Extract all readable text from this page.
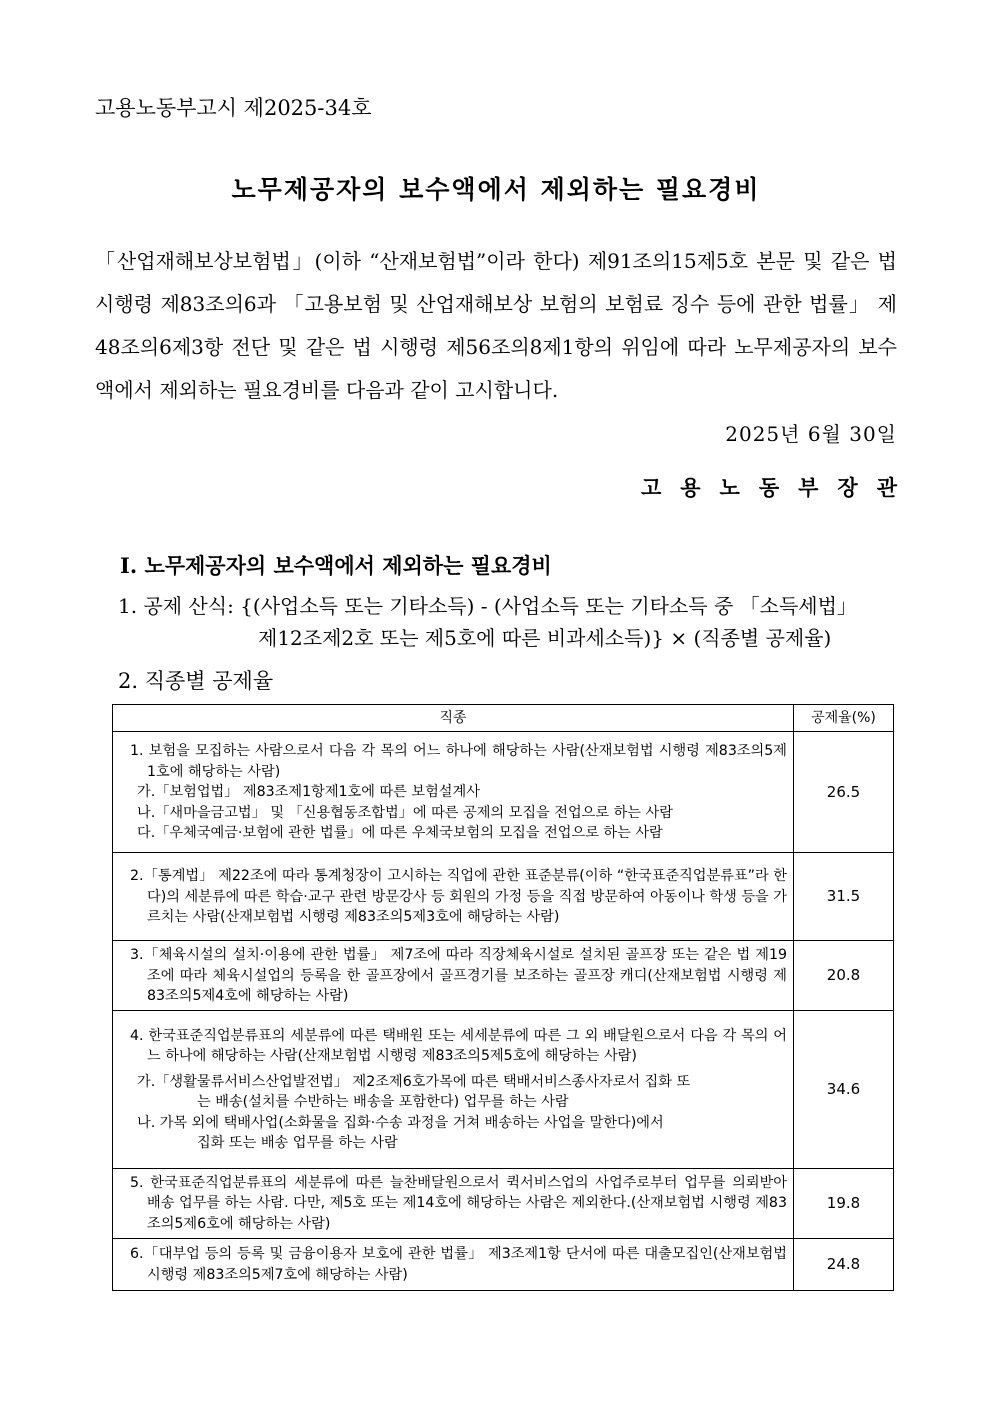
고용노동부고시 제2025-34호
노무제공자의 보수액에서 제외하는 필요경비
「산업재해보상보험법」(이하 “산재보험법”이라 한다) 제91조의15제5호 본문 및 같은 법 시행령 제83조의6과 「고용보험 및 산업재해보상 보험의 보험료 징수 등에 관한 법률」 제48조의6제3항 전단 및 같은 법 시행령 제56조의8제1항의 위임에 따라 노무제공자의 보수액에서 제외하는 필요경비를 다음과 같이 고시합니다.
2025년 6월 30일
고용노동부장관
Ⅰ. 노무제공자의 보수액에서 제외하는 필요경비
1. 공제 산식: {(사업소득 또는 기타소득) - (사업소득 또는 기타소득 중 「소득세법」
제12조제2호 또는 제5호에 따른 비과세소득)} × (직종별 공제율)
2. 직종별 공제율
직종	공제율(%)

1. 보험을 모집하는 사람으로서 다음 각 목의 어느 하나에 해당하는 사람(산재보험법 시행령 제83조의5제1호에 해당하는 사람)
가.「보험업법」 제83조제1항제1호에 따른 보험설계사
나.「새마을금고법」 및 「신용협동조합법」에 따른 공제의 모집을 전업으로 하는 사람
다.「우체국예금·보험에 관한 법률」에 따른 우체국보험의 모집을 전업으로 하는 사람	26.5

2.「통계법」 제22조에 따라 통계청장이 고시하는 직업에 관한 표준분류(이하 “한국표준직업분류표”라 한다)의 세분류에 따른 학습·교구 관련 방문강사 등 회원의 가정 등을 직접 방문하여 아동이나 학생 등을 가르치는 사람(산재보험법 시행령 제83조의5제3호에 해당하는 사람)	31.5

3.「체육시설의 설치·이용에 관한 법률」 제7조에 따라 직장체육시설로 설치된 골프장 또는 같은 법 제19조에 따라 체육시설업의 등록을 한 골프장에서 골프경기를 보조하는 골프장 캐디(산재보험법 시행령 제83조의5제4호에 해당하는 사람)	20.8

4. 한국표준직업분류표의 세분류에 따른 택배원 또는 세세분류에 따른 그 외 배달원으로서 다음 각 목의 어느 하나에 해당하는 사람(산재보험법 시행령 제83조의5제5호에 해당하는 사람)
가.「생활물류서비스산업발전법」 제2조제6호가목에 따른 택배서비스종사자로서 집화 또
는 배송(설치를 수반하는 배송을 포함한다) 업무를 하는 사람
나. 가목 외에 택배사업(소화물을 집화·수송 과정을 거쳐 배송하는 사업을 말한다)에서
집화 또는 배송 업무를 하는 사람	34.6

5. 한국표준직업분류표의 세분류에 따른 늘찬배달원으로서 퀵서비스업의 사업주로부터 업무를 의뢰받아 배송 업무를 하는 사람. 다만, 제5호 또는 제14호에 해당하는 사람은 제외한다.(산재보험법 시행령 제83조의5제6호에 해당하는 사람)	19.8

6.「대부업 등의 등록 및 금융이용자 보호에 관한 법률」 제3조제1항 단서에 따른 대출모집인(산재보험법 시행령 제83조의5제7호에 해당하는 사람)	24.8
